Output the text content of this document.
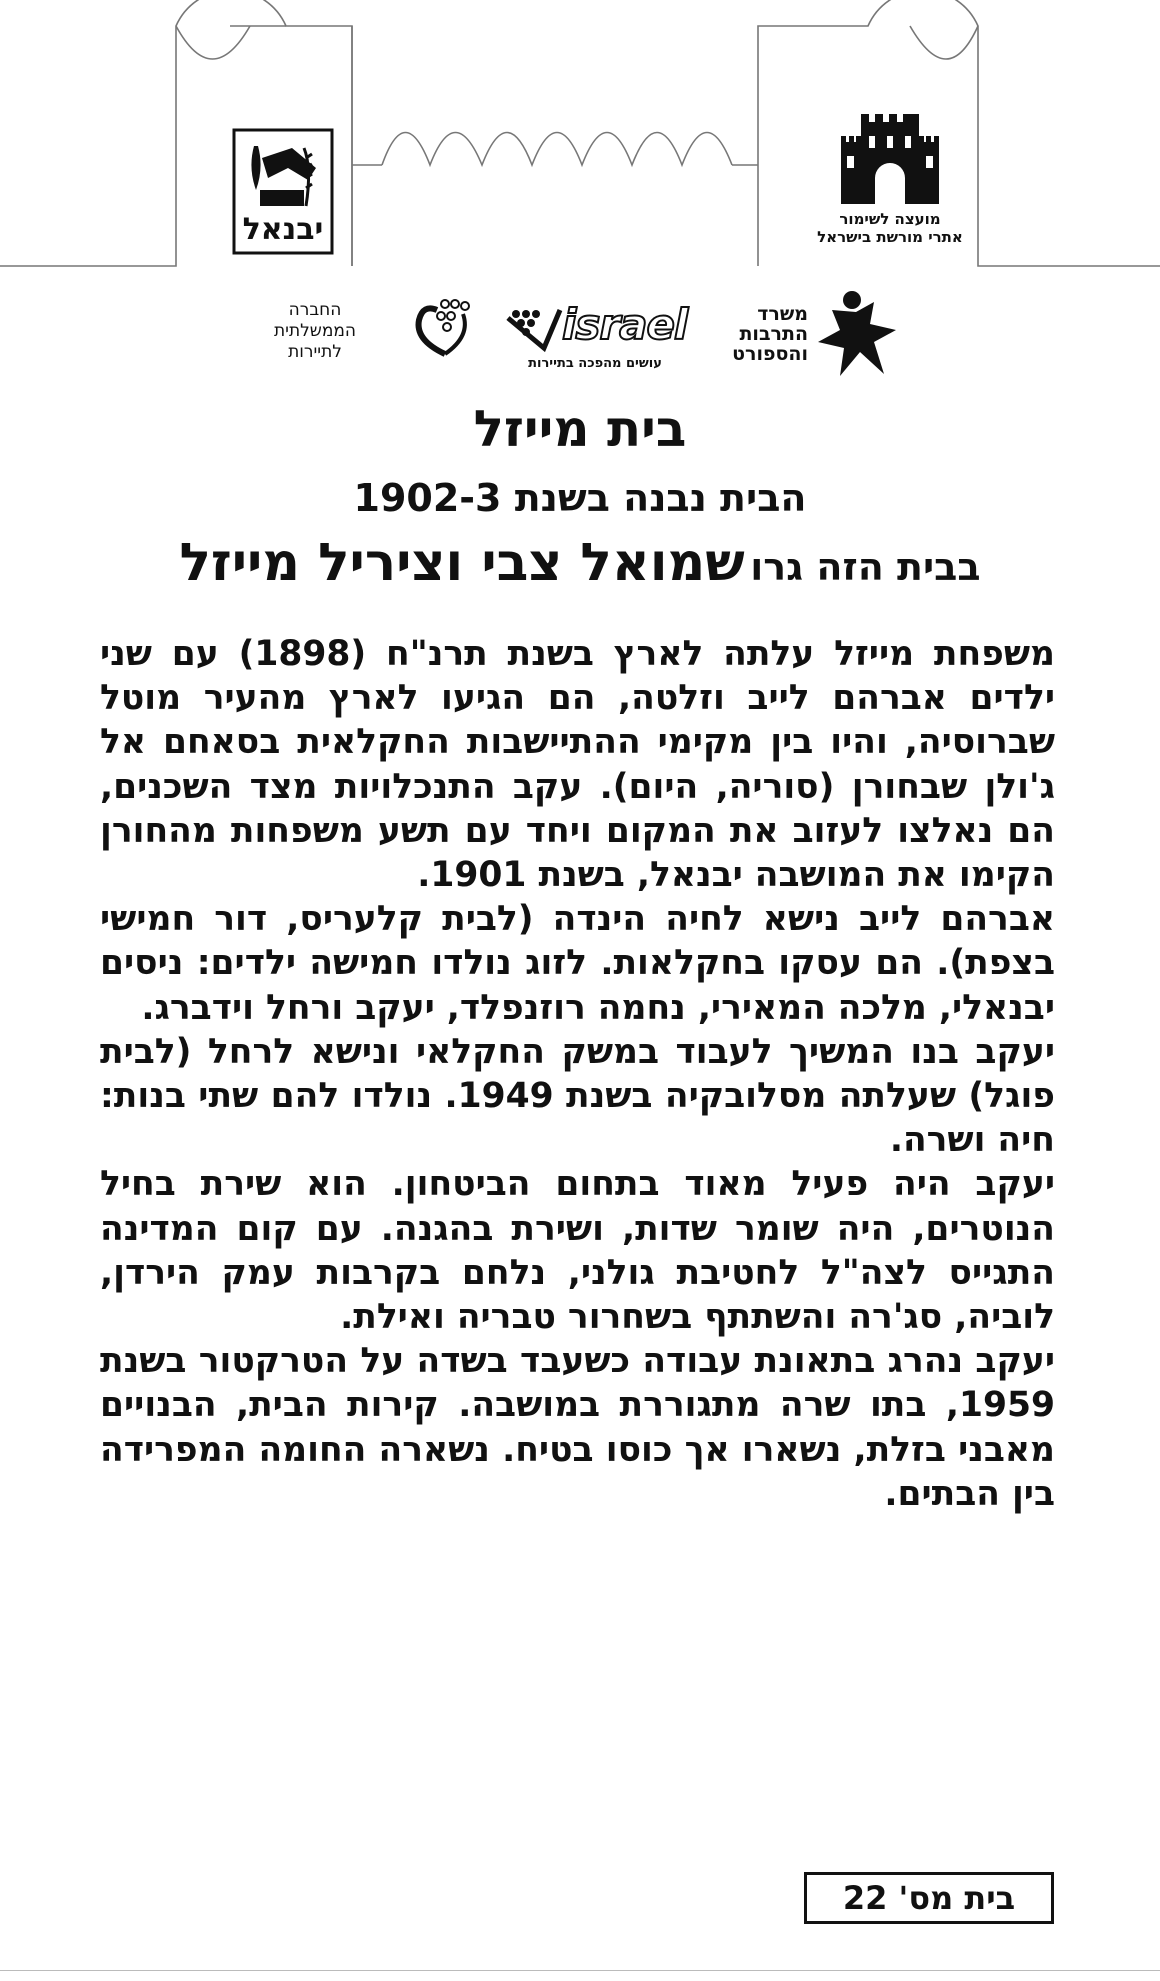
יבנאל	מועצה לשימור
אתרי מורשת בישראל
משרד
התרבות
והספורט
israel
עושים מהפכה בתיירות
החברה
הממשלתית
לתיירות
בית מייזל
הבית נבנה בשנת 1902-3
בבית הזה גרו שמואל צבי וציריל מייזל

משפחת מייזל עלתה לארץ בשנת תרנ"ח (1898) עם שני ילדים אברהם לייב וזלטה, הם הגיעו לארץ מהעיר מוטל שברוסיה, והיו בין מקימי ההתיישבות החקלאית בסאחם אל ג'ולן שבחורן (סוריה, היום). עקב התנכלויות מצד השכנים, הם נאלצו לעזוב את המקום ויחד עם תשע משפחות מהחורן הקימו את המושבה יבנאל, בשנת 1901.

אברהם לייב נישא לחיה הינדה (לבית קלעריס, דור חמישי בצפת). הם עסקו בחקלאות. לזוג נולדו חמישה ילדים: ניסים יבנאלי, מלכה המאירי, נחמה רוזנפלד, יעקב ורחל וידברג.

יעקב בנו המשיך לעבוד במשק החקלאי ונישא לרחל (לבית פוגל) שעלתה מסלובקיה בשנת 1949. נולדו להם שתי בנות: חיה ושרה.

יעקב היה פעיל מאוד בתחום הביטחון. הוא שירת בחיל הנוטרים, היה שומר שדות, ושירת בהגנה. עם קום המדינה התגייס לצה"ל לחטיבת גולני, נלחם בקרבות עמק הירדן, לוביה, סג'רה והשתתף בשחרור טבריה ואילת.

יעקב נהרג בתאונת עבודה כשעבד בשדה על הטרקטור בשנת 1959, בתו שרה מתגוררת במושבה. קירות הבית, הבנויים מאבני בזלת, נשארו אך כוסו בטיח. נשארה החומה המפרידה בין הבתים.

בית מס' 22
